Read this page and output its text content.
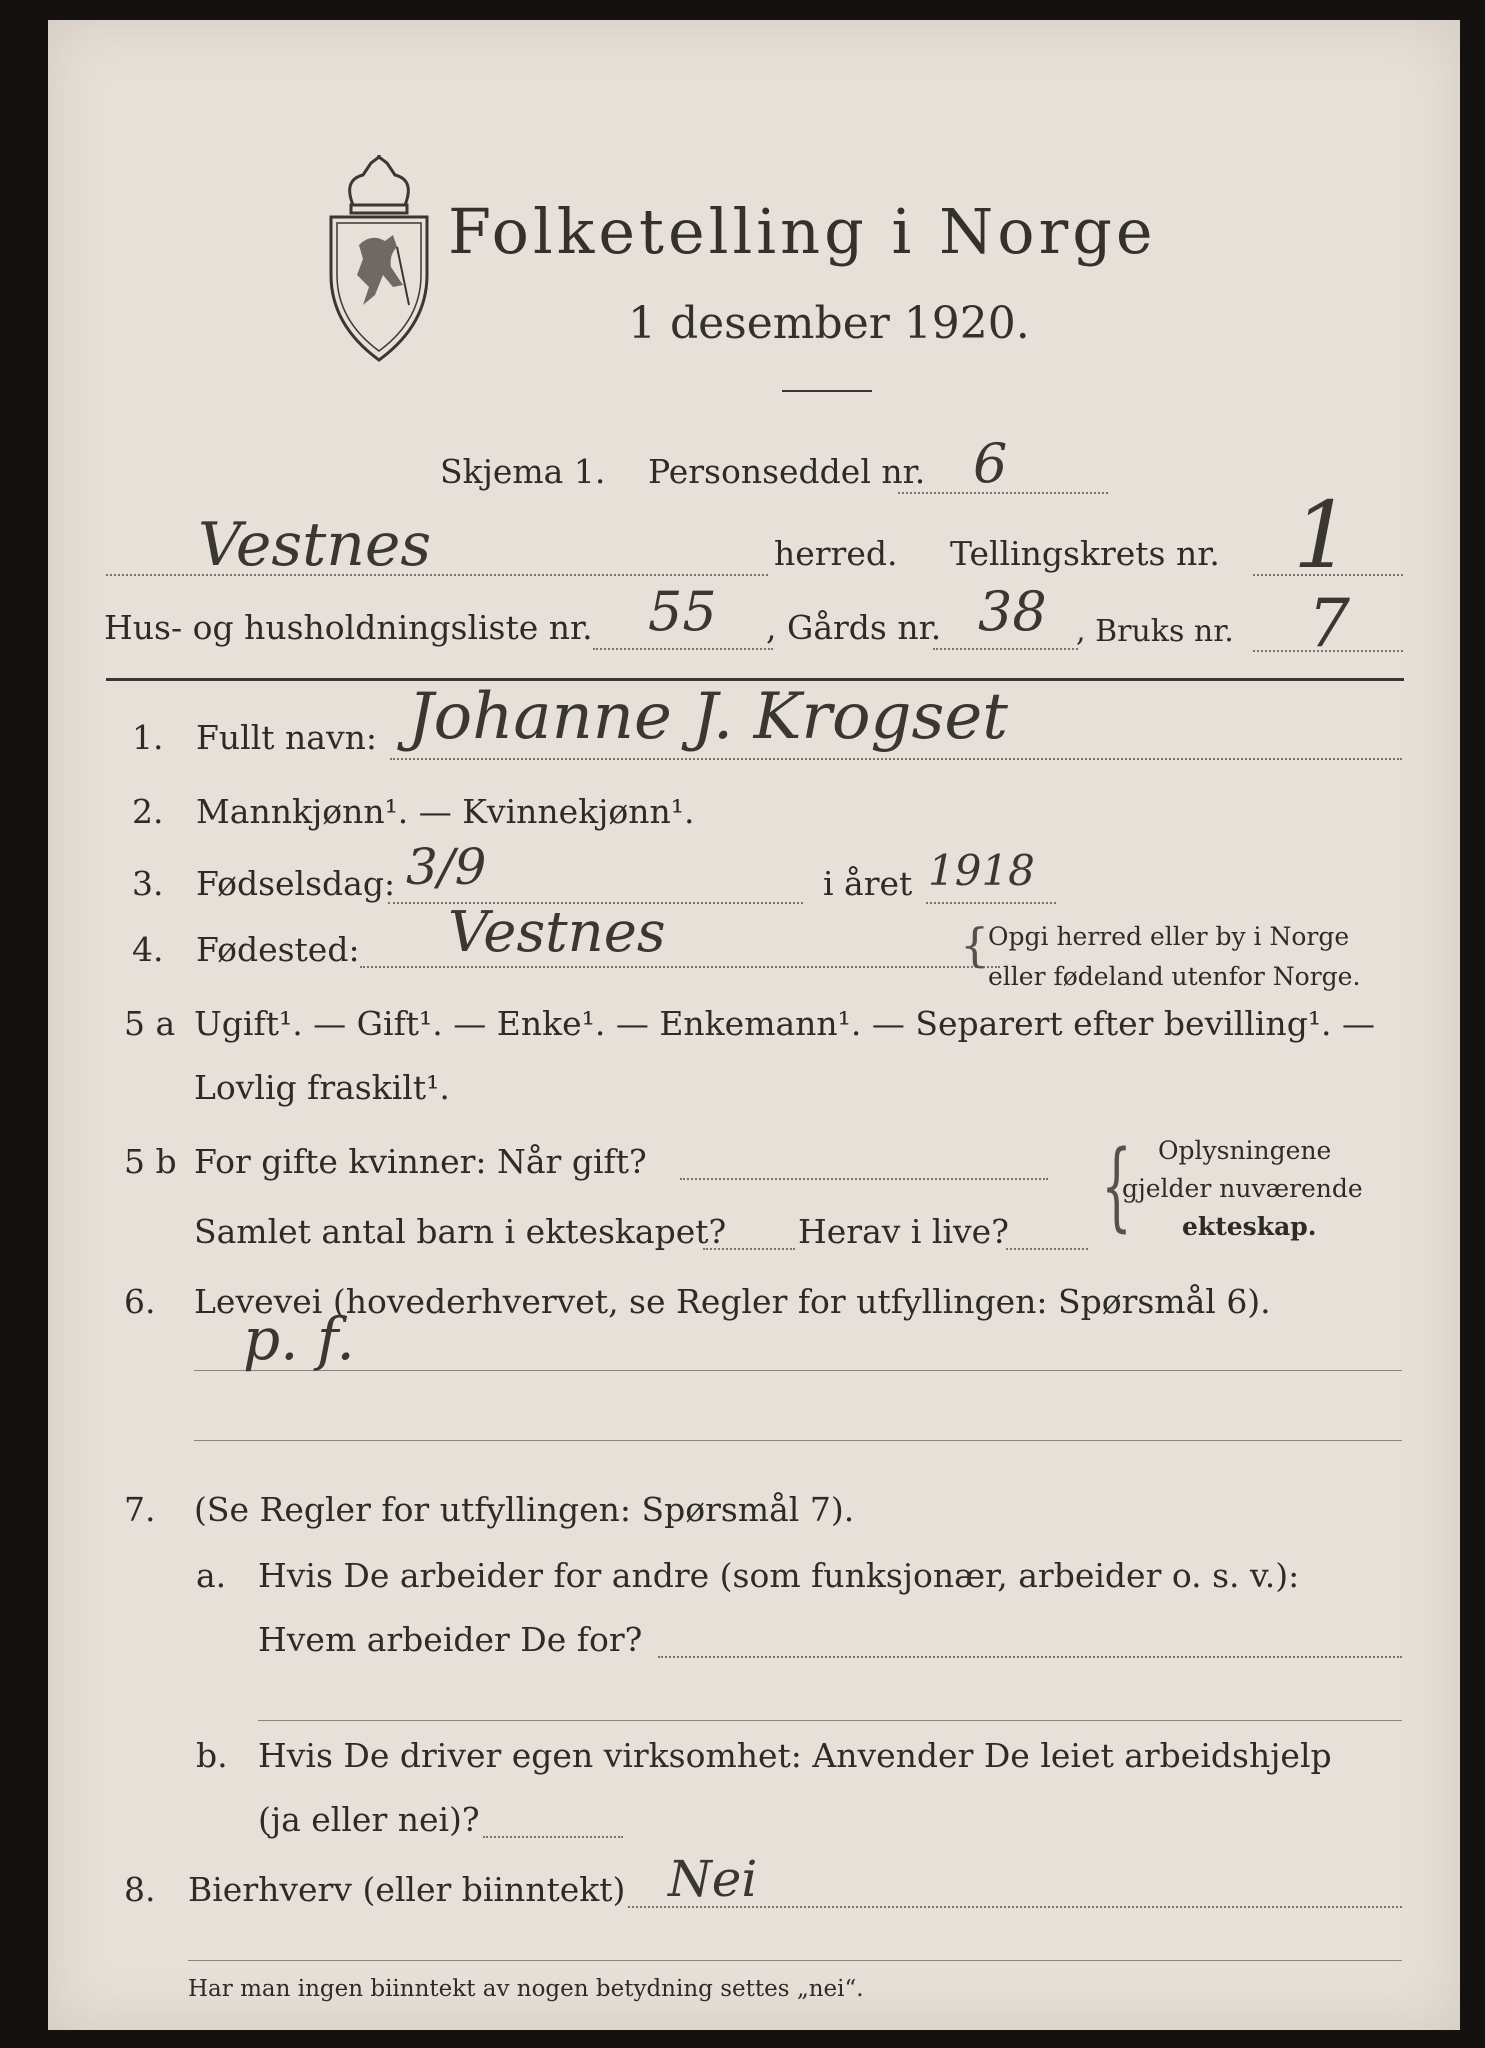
Folketelling i Norge
1 desember 1920.
Skjema 1. Personseddel nr. 6
Vestnes	herred. Tellingskrets nr. 1
Hus- og husholdningsliste nr. 55 , Gårds nr. 38 , Bruks nr. 7
1. Fullt navn: Johanne J. Krogset
2. Mannkjønn¹. — Kvinnekjønn¹.
3. Fødselsdag: 3/9	i året 1918
4. Fødested: Vestnes	{
Opgi herred eller by i Norge
eller fødeland utenfor Norge.
5 a Ugift¹. — Gift¹. — Enke¹. — Enkemann¹. — Separert efter bevilling¹. —
Lovlig fraskilt¹.
5 b For gifte kvinner: Når gift?
Samlet antal barn i ekteskapet? Herav i live? { Oplysningene
gjelder nuværende
ekteskap.
6. Levevei (hovederhvervet, se Regler for utfyllingen: Spørsmål 6).
p. f.
7. (Se Regler for utfyllingen: Spørsmål 7).
a. Hvis De arbeider for andre (som funksjonær, arbeider o. s. v.):
Hvem arbeider De for?
b. Hvis De driver egen virksomhet: Anvender De leiet arbeidshjelp
(ja eller nei)?
8. Bierhverv (eller biinntekt) Nei
Har man ingen biinntekt av nogen betydning settes „nei“.
